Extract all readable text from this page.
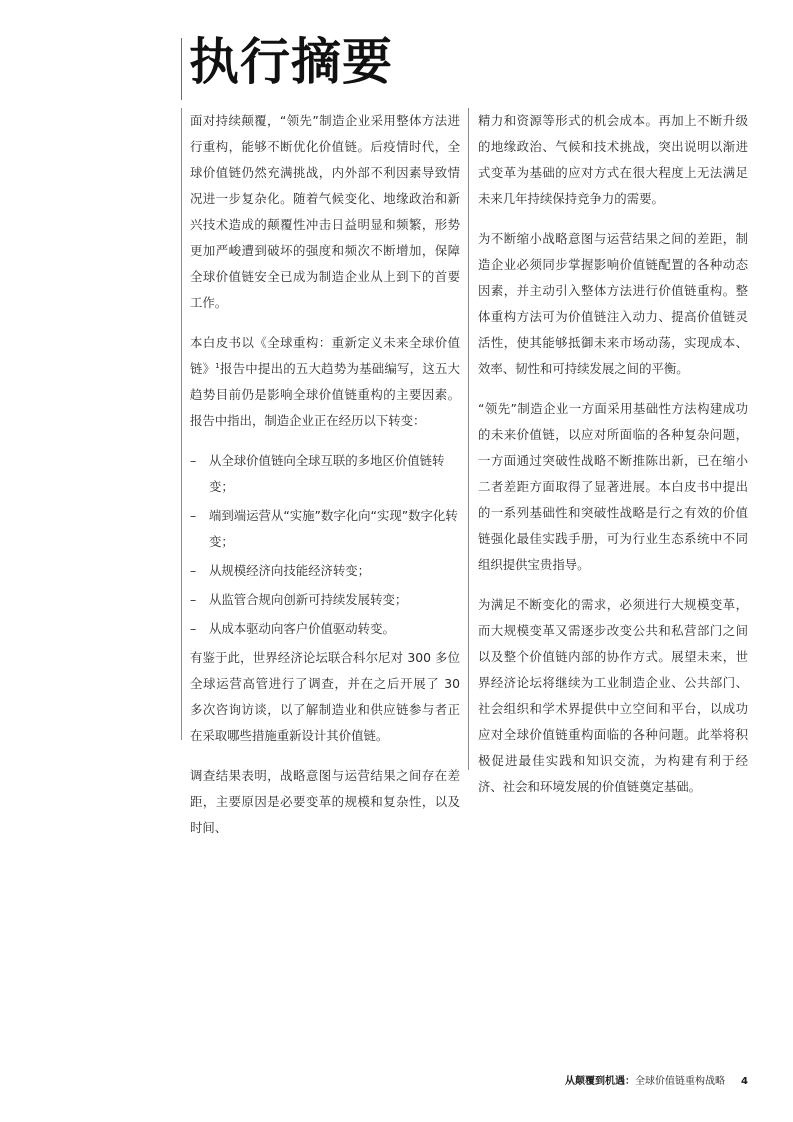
执行摘要

面对持续颠覆，“领先”制造企业采用整体方法进行重构，能够不断优化价值链。后疫情时代，全球价值链仍然充满挑战，内外部不利因素导致情况进一步复杂化。随着气候变化、地缘政治和新兴技术造成的颠覆性冲击日益明显和频繁，形势更加严峻遭到破坏的强度和频次不断增加，保障全球价值链安全已成为制造企业从上到下的首要工作。

本白皮书以《全球重构：重新定义未来全球价值链》$^1$报告中提出的五大趋势为基础编写，这五大趋势目前仍是影响全球价值链重构的主要因素。报告中指出，制造企业正在经历以下转变：

– 从全球价值链向全球互联的多地区价值链转变；
– 端到端运营从“实施”数字化向“实现”数字化转变；
– 从规模经济向技能经济转变；
– 从监管合规向创新可持续发展转变；
– 从成本驱动向客户价值驱动转变。

有鉴于此，世界经济论坛联合科尔尼对 300 多位全球运营高管进行了调查，并在之后开展了 30 多次咨询访谈，以了解制造业和供应链参与者正在采取哪些措施重新设计其价值链。

调查结果表明，战略意图与运营结果之间存在差距，主要原因是必要变革的规模和复杂性，以及时间、

精力和资源等形式的机会成本。再加上不断升级的地缘政治、气候和技术挑战，突出说明以渐进式变革为基础的应对方式在很大程度上无法满足未来几年持续保持竞争力的需要。

为不断缩小战略意图与运营结果之间的差距，制造企业必须同步掌握影响价值链配置的各种动态因素，并主动引入整体方法进行价值链重构。整体重构方法可为价值链注入动力、提高价值链灵活性，使其能够抵御未来市场动荡，实现成本、效率、韧性和可持续发展之间的平衡。

“领先”制造企业一方面采用基础性方法构建成功的未来价值链，以应对所面临的各种复杂问题，一方面通过突破性战略不断推陈出新，已在缩小二者差距方面取得了显著进展。本白皮书中提出的一系列基础性和突破性战略是行之有效的价值链强化最佳实践手册，可为行业生态系统中不同组织提供宝贵指导。

为满足不断变化的需求，必须进行大规模变革，而大规模变革又需逐步改变公共和私营部门之间以及整个价值链内部的协作方式。展望未来，世界经济论坛将继续为工业制造企业、公共部门、社会组织和学术界提供中立空间和平台，以成功应对全球价值链重构面临的各种问题。此举将积极促进最佳实践和知识交流，为构建有利于经济、社会和环境发展的价值链奠定基础。

从颠覆到机遇：全球价值链重构战略 4
